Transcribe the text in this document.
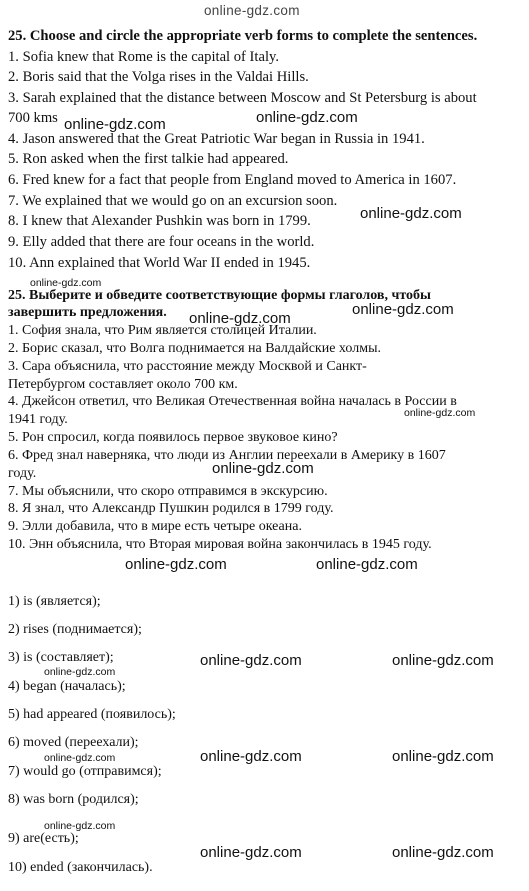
online-gdz.com
25. Choose and circle the appropriate verb forms to complete the sentences.
1. Sofia knew that Rome is the capital of Italy.
2. Boris said that the Volga rises in the Valdai Hills.
3. Sarah explained that the distance between Moscow and St Petersburg is about
700 kms
4. Jason answered that the Great Patriotic War began in Russia in 1941.
5. Ron asked when the first talkie had appeared.
6. Fred knew for a fact that people from England moved to America in 1607.
7. We explained that we would go on an excursion soon.
8. I knew that Alexander Pushkin was born in 1799.
9. Elly added that there are four oceans in the world.
10. Ann explained that World War II ended in 1945.
25. Выберите и обведите соответствующие формы глаголов, чтобы
завершить предложения.
1. София знала, что Рим является столицей Италии.
2. Борис сказал, что Волга поднимается на Валдайские холмы.
3. Сара объяснила, что расстояние между Москвой и Санкт-
Петербургом составляет около 700 км.
4. Джейсон ответил, что Великая Отечественная война началась в России в
1941 году.
5. Рон спросил, когда появилось первое звуковое кино?
6. Фред знал наверняка, что люди из Англии переехали в Америку в 1607
году.
7. Мы объяснили, что скоро отправимся в экскурсию.
8. Я знал, что Александр Пушкин родился в 1799 году.
9. Элли добавила, что в мире есть четыре океана.
10. Энн объяснила, что Вторая мировая война закончилась в 1945 году.
1) is (является);
2) rises (поднимается);
3) is (составляет);
4) began (началась);
5) had appeared (появилось);
6) moved (переехали);
7) would go (отправимся);
8) was born (родился);
9) are(есть);
10) ended (закончилась).
online-gdz.com	online-gdz.com
online-gdz.com
online-gdz.com
online-gdz.com
online-gdz.com
online-gdz.com
online-gdz.com
online-gdz.com	online-gdz.com
online-gdz.com
online-gdz.com	online-gdz.com
online-gdz.com	online-gdz.com	online-gdz.com
online-gdz.com
online-gdz.com	online-gdz.com
